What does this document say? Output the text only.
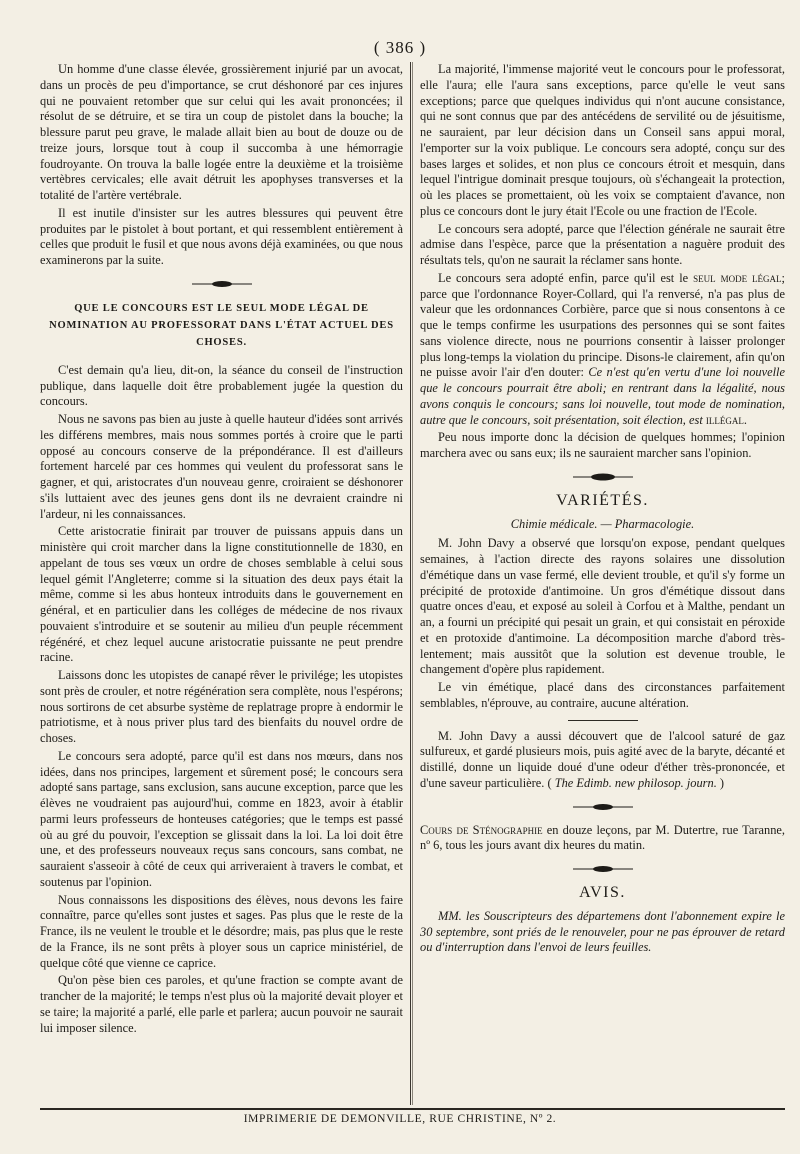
( 386 )

Un homme d'une classe élevée, grossièrement injurié par un avocat, dans un procès de peu d'importance, se crut déshonoré par ces injures qui ne pouvaient retomber que sur celui qui les avait prononcées; il résolut de se détruire, et se tira un coup de pistolet dans la bouche; la blessure parut peu grave, le malade allait bien au bout de douze ou de treize jours, lorsque tout à coup il succomba à une hémorragie foudroyante. On trouva la balle logée entre la deuxième et la troisième vertèbres cervicales; elle avait détruit les apophyses transverses et la totalité de l'artère vertébrale.

Il est inutile d'insister sur les autres blessures qui peuvent être produites par le pistolet à bout portant, et qui ressemblent entièrement à celles que produit le fusil et que nous avons déjà examinées, ou que nous examinerons par la suite.

QUE LE CONCOURS EST LE SEUL MODE LÉGAL DE NOMINATION AU PROFESSORAT DANS L'ÉTAT ACTUEL DES CHOSES.

C'est demain qu'a lieu, dit-on, la séance du conseil de l'instruction publique, dans laquelle doit être probablement jugée la question du concours.

Nous ne savons pas bien au juste à quelle hauteur d'idées sont arrivés les différens membres, mais nous sommes portés à croire que le parti opposé au concours conserve de la prépondérance. Il est d'ailleurs fortement harcelé par ces hommes qui veulent du professorat sans le gagner, et qui, aristocrates d'un nouveau genre, croiraient se déshonorer s'ils luttaient avec des jeunes gens dont ils ne devraient craindre ni l'ardeur, ni les connaissances.

Cette aristocratie finirait par trouver de puissans appuis dans un ministère qui croit marcher dans la ligne constitutionnelle de 1830, en appelant de tous ses vœux un ordre de choses semblable à celui sous lequel gémit l'Angleterre; comme si la situation des deux pays était la même, comme si les abus honteux introduits dans le gouvernement en général, et en particulier dans les colléges de médecine de nos rivaux pouvaient s'introduire et se soutenir au milieu d'un peuple récemment régénéré, et chez lequel aucune aristocratie puissante ne peut prendre racine.

Laissons donc les utopistes de canapé rêver le privilége; les utopistes sont près de crouler, et notre régénération sera complète, nous l'espérons; nous sortirons de cet absurbe système de replatrage propre à endormir le patriotisme, et à nous priver plus tard des bienfaits du nouvel ordre de choses.

Le concours sera adopté, parce qu'il est dans nos mœurs, dans nos idées, dans nos principes, largement et sûrement posé; le concours sera adopté sans partage, sans exclusion, sans aucune exception, parce que les élèves ne voudraient pas aujourd'hui, comme en 1823, avoir à établir parmi leurs professeurs de honteuses catégories; que le temps est passé où au gré du pouvoir, l'exception se glissait dans la loi. La loi doit être une, et des professeurs nouveaux reçus sans concours, sans combat, ne sauraient s'asseoir à côté de ceux qui arriveraient à travers le combat, et soutenus par l'opinion.

Nous connaissons les dispositions des élèves, nous devons les faire connaître, parce qu'elles sont justes et sages. Pas plus que le reste de la France, ils ne veulent le trouble et le désordre; mais, pas plus que le reste de la France, ils ne sont prêts à ployer sous un caprice ministériel, de quelque côté que vienne ce caprice.

Qu'on pèse bien ces paroles, et qu'une fraction se compte avant de trancher de la majorité; le temps n'est plus où la majorité devait ployer et se taire; la majorité a parlé, elle parle et parlera; aucun pouvoir ne saurait lui imposer silence.

La majorité, l'immense majorité veut le concours pour le professorat, elle l'aura; elle l'aura sans exceptions, parce qu'elle le veut sans exceptions; parce que quelques individus qui n'ont aucune consistance, qui ne sont connus que par des antécédens de servilité ou de jésuitisme, ne sauraient, par leur décision dans un Conseil sans appui moral, l'emporter sur la voix publique. Le concours sera adopté, conçu sur des bases larges et solides, et non plus ce concours étroit et mesquin, dans lequel l'intrigue dominait presque toujours, où s'échangeait la protection, où les places se promettaient, où les voix se comptaient d'avance, non plus ce concours dont le jury était l'Ecole ou une fraction de l'Ecole.

Le concours sera adopté, parce que l'élection générale ne saurait être admise dans l'espèce, parce que la présentation a naguère produit des résultats tels, qu'on ne saurait la réclamer sans honte.

Le concours sera adopté enfin, parce qu'il est le seul mode légal; parce que l'ordonnance Royer-Collard, qui l'a renversé, n'a pas plus de valeur que les ordonnances Corbière, parce que si nous consentons à ce que le temps confirme les usurpations des personnes qui se sont faites sans violence directe, nous ne pourrions consentir à laisser prolonger plus long-temps la violation du principe. Disons-le clairement, afin qu'on ne puisse avoir l'air d'en douter: Ce n'est qu'en vertu d'une loi nouvelle que le concours pourrait être aboli; en rentrant dans la légalité, nous avons conquis le concours; sans loi nouvelle, tout mode de nomination, autre que le concours, soit présentation, soit élection, est illégal.

Peu nous importe donc la décision de quelques hommes; l'opinion marchera avec ou sans eux; ils ne sauraient marcher sans l'opinion.

VARIÉTÉS.
Chimie médicale. — Pharmacologie.

M. John Davy a observé que lorsqu'on expose, pendant quelques semaines, à l'action directe des rayons solaires une dissolution d'émétique dans un vase fermé, elle devient trouble, et qu'il s'y forme un précipité de protoxide d'antimoine. Un gros d'émétique dissout dans quatre onces d'eau, et exposé au soleil à Corfou et à Malthe, pendant un an, a fourni un précipité qui pesait un grain, et qui consistait en péroxide et en protoxide d'antimoine. La décomposition marche d'abord très-lentement; mais aussitôt que la solution est devenue trouble, le changement d'opère plus rapidement.

Le vin émétique, placé dans des circonstances parfaitement semblables, n'éprouve, au contraire, aucune altération.

M. John Davy a aussi découvert que de l'alcool saturé de gaz sulfureux, et gardé plusieurs mois, puis agité avec de la baryte, décanté et distillé, donne un liquide doué d'une odeur d'éther très-prononcée, et d'une saveur particulière. ( The Edimb. new philosop. journ. )

Cours de Sténographie en douze leçons, par M. Dutertre, rue Taranne, nº 6, tous les jours avant dix heures du matin.

AVIS.

MM. les Souscripteurs des départemens dont l'abonnement expire le 30 septembre, sont priés de le renouveler, pour ne pas éprouver de retard ou d'interruption dans l'envoi de leurs feuilles.

IMPRIMERIE DE DEMONVILLE, RUE CHRISTINE, Nº 2.
